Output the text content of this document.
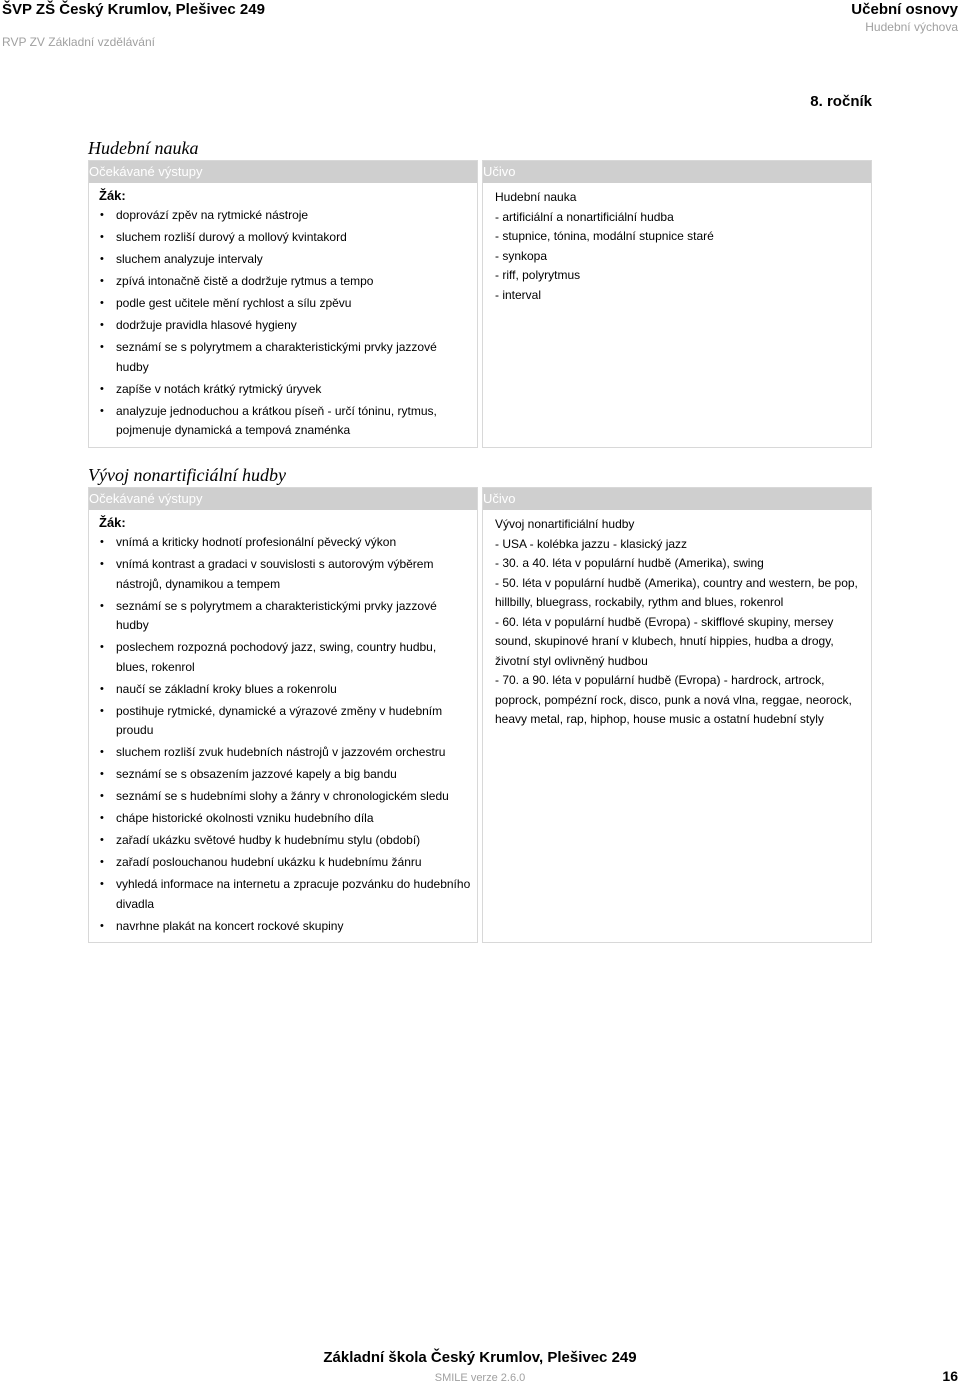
ŠVP ZŠ Český Krumlov, Plešivec 249
RVP ZV Základní vzdělávání
Učební osnovy
Hudební výchova
8. ročník
Hudební nauka
Očekávané výstupy
Žák:
• doprovází zpěv na rytmické nástroje
• sluchem rozliší durový a mollový kvintakord
• sluchem analyzuje intervaly
• zpívá intonačně čistě a dodržuje rytmus a tempo
• podle gest učitele mění rychlost a sílu zpěvu
• dodržuje pravidla hlasové hygieny
• seznámí se s polyrytmem a charakteristickými prvky jazzové hudby
• zapíše v notách krátký rytmický úryvek
• analyzuje jednoduchou a krátkou píseň - určí tóninu, rytmus, pojmenuje dynamická a tempová znaménka
Učivo
Hudební nauka
- artificiální a nonartificiální hudba
- stupnice, tónina, modální stupnice staré
- synkopa
- riff, polyrytmus
- interval
Vývoj nonartificiální hudby
Očekávané výstupy
Žák:
• vnímá a kriticky hodnotí profesionální pěvecký výkon
• vnímá kontrast a gradaci v souvislosti s autorovým výběrem nástrojů, dynamikou a tempem
• seznámí se s polyrytmem a charakteristickými prvky jazzové hudby
• poslechem rozpozná pochodový jazz, swing, country hudbu, blues, rokenrol
• naučí se základní kroky blues a rokenrolu
• postihuje rytmické, dynamické a výrazové změny v hudebním proudu
• sluchem rozliší zvuk hudebních nástrojů v jazzovém orchestru
• seznámí se s obsazením jazzové kapely a big bandu
• seznámí se s hudebními slohy a žánry v chronologickém sledu
• chápe historické okolnosti vzniku hudebního díla
• zařadí ukázku světové hudby k hudebnímu stylu (období)
• zařadí poslouchanou hudební ukázku k hudebnímu žánru
• vyhledá informace na internetu a zpracuje pozvánku do hudebního divadla
• navrhne plakát na koncert rockové skupiny
Učivo
Vývoj nonartificiální hudby
- USA - kolébka jazzu - klasický jazz
- 30. a 40. léta v populární hudbě (Amerika), swing
- 50. léta v populární hudbě (Amerika), country and western, be pop, hillbilly, bluegrass, rockabily, rythm and blues, rokenrol
- 60. léta v populární hudbě (Evropa) - skifflové skupiny, mersey sound, skupinové hraní v klubech, hnutí hippies, hudba a drogy, životní styl ovlivněný hudbou
- 70. a 90. léta v populární hudbě (Evropa) - hardrock, artrock, poprock, pompézní rock, disco, punk a nová vlna, reggae, neorock, heavy metal, rap, hiphop, house music a ostatní hudební styly
Základní škola Český Krumlov, Plešivec 249
SMILE verze 2.6.0	16
